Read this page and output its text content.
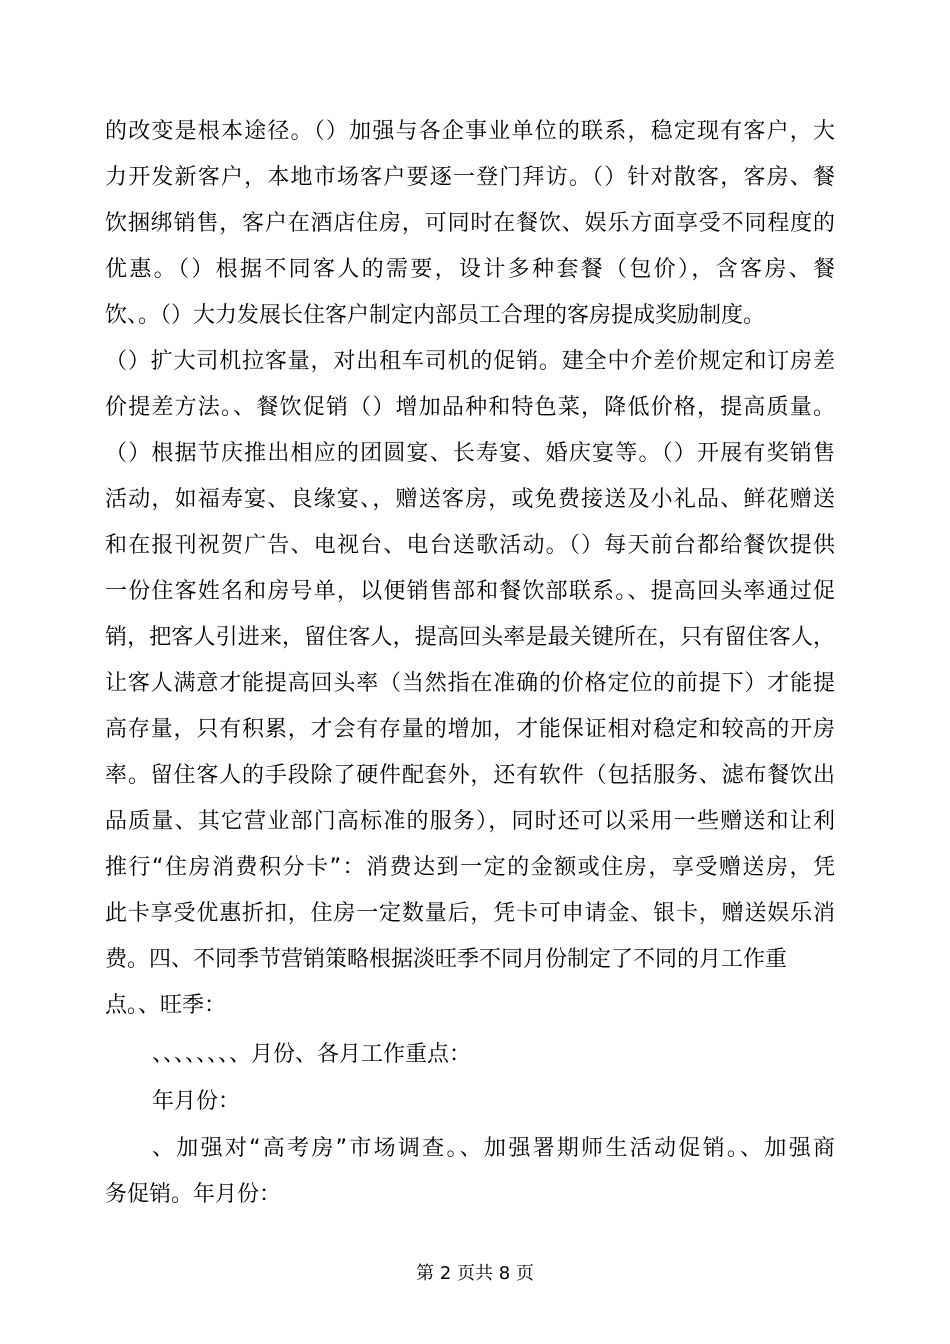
的改变是根本途径。（）加强与各企事业单位的联系，稳定现有客户，大
力开发新客户，本地市场客户要逐一登门拜访。（）针对散客，客房、餐
饮捆绑销售，客户在酒店住房，可同时在餐饮、娱乐方面享受不同程度的
优惠。（）根据不同客人的需要，设计多种套餐（包价），含客房、餐
饮、。（）大力发展长住客户制定内部员工合理的客房提成奖励制度。
（）扩大司机拉客量，对出租车司机的促销。建全中介差价规定和订房差
价提差方法。、餐饮促销（）增加品种和特色菜，降低价格，提高质量。
（）根据节庆推出相应的团圆宴、长寿宴、婚庆宴等。（）开展有奖销售
活动，如福寿宴、良缘宴、，赠送客房，或免费接送及小礼品、鲜花赠送
和在报刊祝贺广告、电视台、电台送歌活动。（）每天前台都给餐饮提供
一份住客姓名和房号单，以便销售部和餐饮部联系。、提高回头率通过促
销，把客人引进来，留住客人，提高回头率是最关键所在，只有留住客人，
让客人满意才能提高回头率（当然指在准确的价格定位的前提下）才能提
高存量，只有积累，才会有存量的增加，才能保证相对稳定和较高的开房
率。留住客人的手段除了硬件配套外，还有软件（包括服务、滤布餐饮出
品质量、其它营业部门高标准的服务），同时还可以采用一些赠送和让利
推行“住房消费积分卡”：消费达到一定的金额或住房，享受赠送房，凭
此卡享受优惠折扣，住房一定数量后，凭卡可申请金、银卡，赠送娱乐消
费。四、不同季节营销策略根据淡旺季不同月份制定了不同的月工作重
点。、旺季：
、、、、、、、、月份、各月工作重点：
年月份：
、加强对“高考房”市场调查。、加强署期师生活动促销。、加强商
务促销。年月份：
第 2 页共 8 页
